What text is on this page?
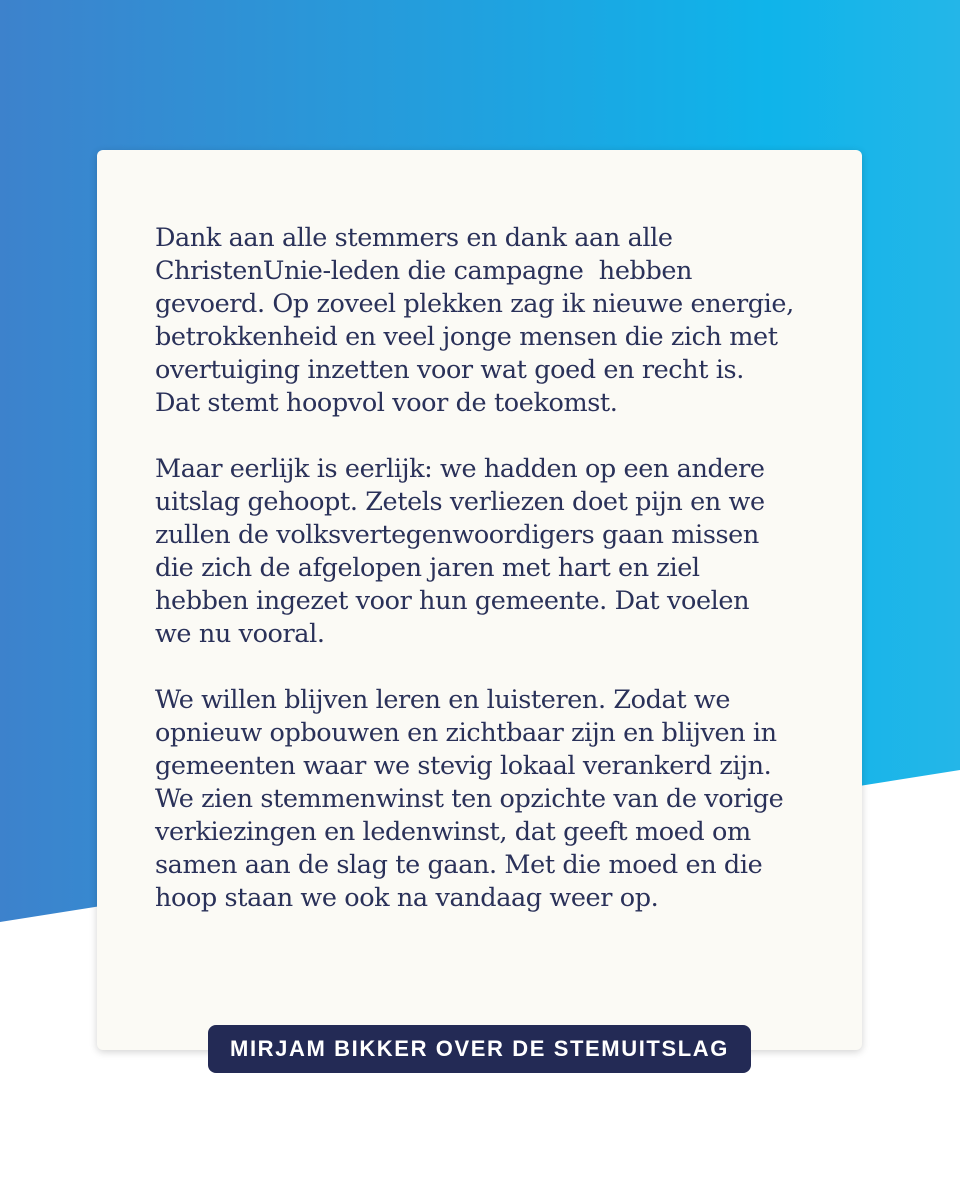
Dank aan alle stemmers en dank aan alle
ChristenUnie-leden die campagne  hebben
gevoerd. Op zoveel plekken zag ik nieuwe energie,
betrokkenheid en veel jonge mensen die zich met
overtuiging inzetten voor wat goed en recht is.
Dat stemt hoopvol voor de toekomst.
Maar eerlijk is eerlijk: we hadden op een andere
uitslag gehoopt. Zetels verliezen doet pijn en we
zullen de volksvertegenwoordigers gaan missen
die zich de afgelopen jaren met hart en ziel
hebben ingezet voor hun gemeente. Dat voelen
we nu vooral.
We willen blijven leren en luisteren. Zodat we
opnieuw opbouwen en zichtbaar zijn en blijven in
gemeenten waar we stevig lokaal verankerd zijn.
We zien stemmenwinst ten opzichte van de vorige
verkiezingen en ledenwinst, dat geeft moed om
samen aan de slag te gaan. Met die moed en die
hoop staan we ook na vandaag weer op.
MIRJAM BIKKER OVER DE STEMUITSLAG
